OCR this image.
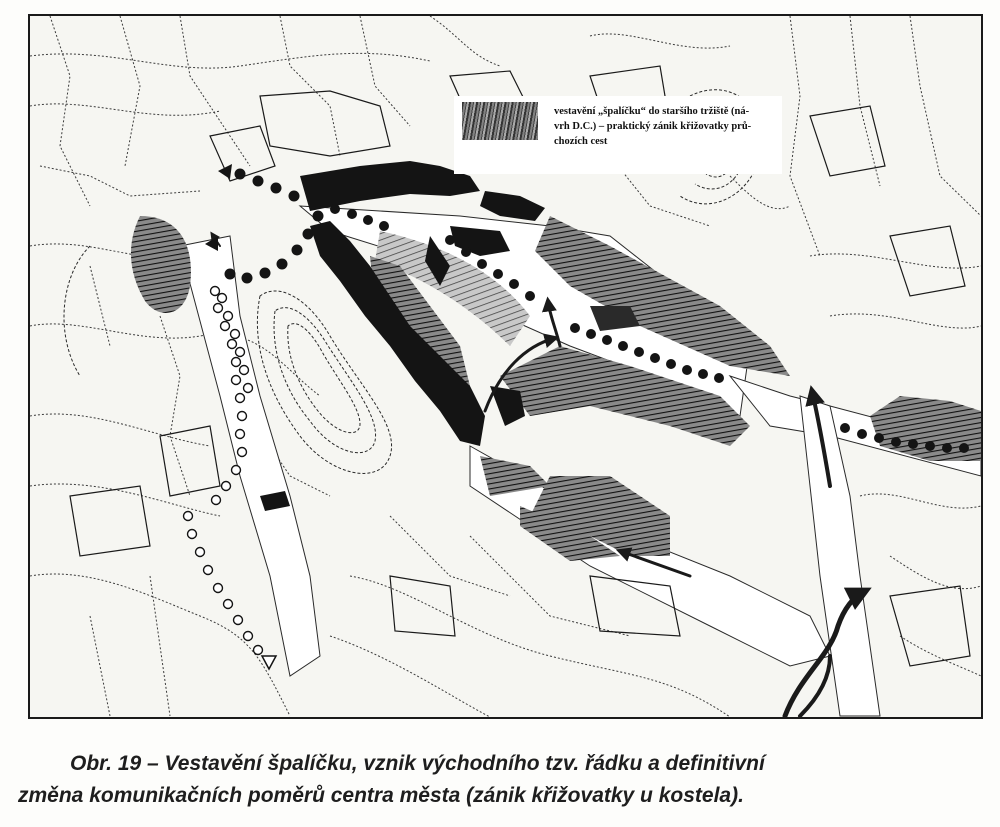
vestavění „špalíčku“ do staršího tržiště (ná-
vrh D.C.) – praktický zánik křižovatky prů-
chozích cest
Obr. 19 – Vestavění špalíčku, vznik východního tzv. řádku a definitivní
změna komunikačních poměrů centra města (zánik křižovatky u kostela).
